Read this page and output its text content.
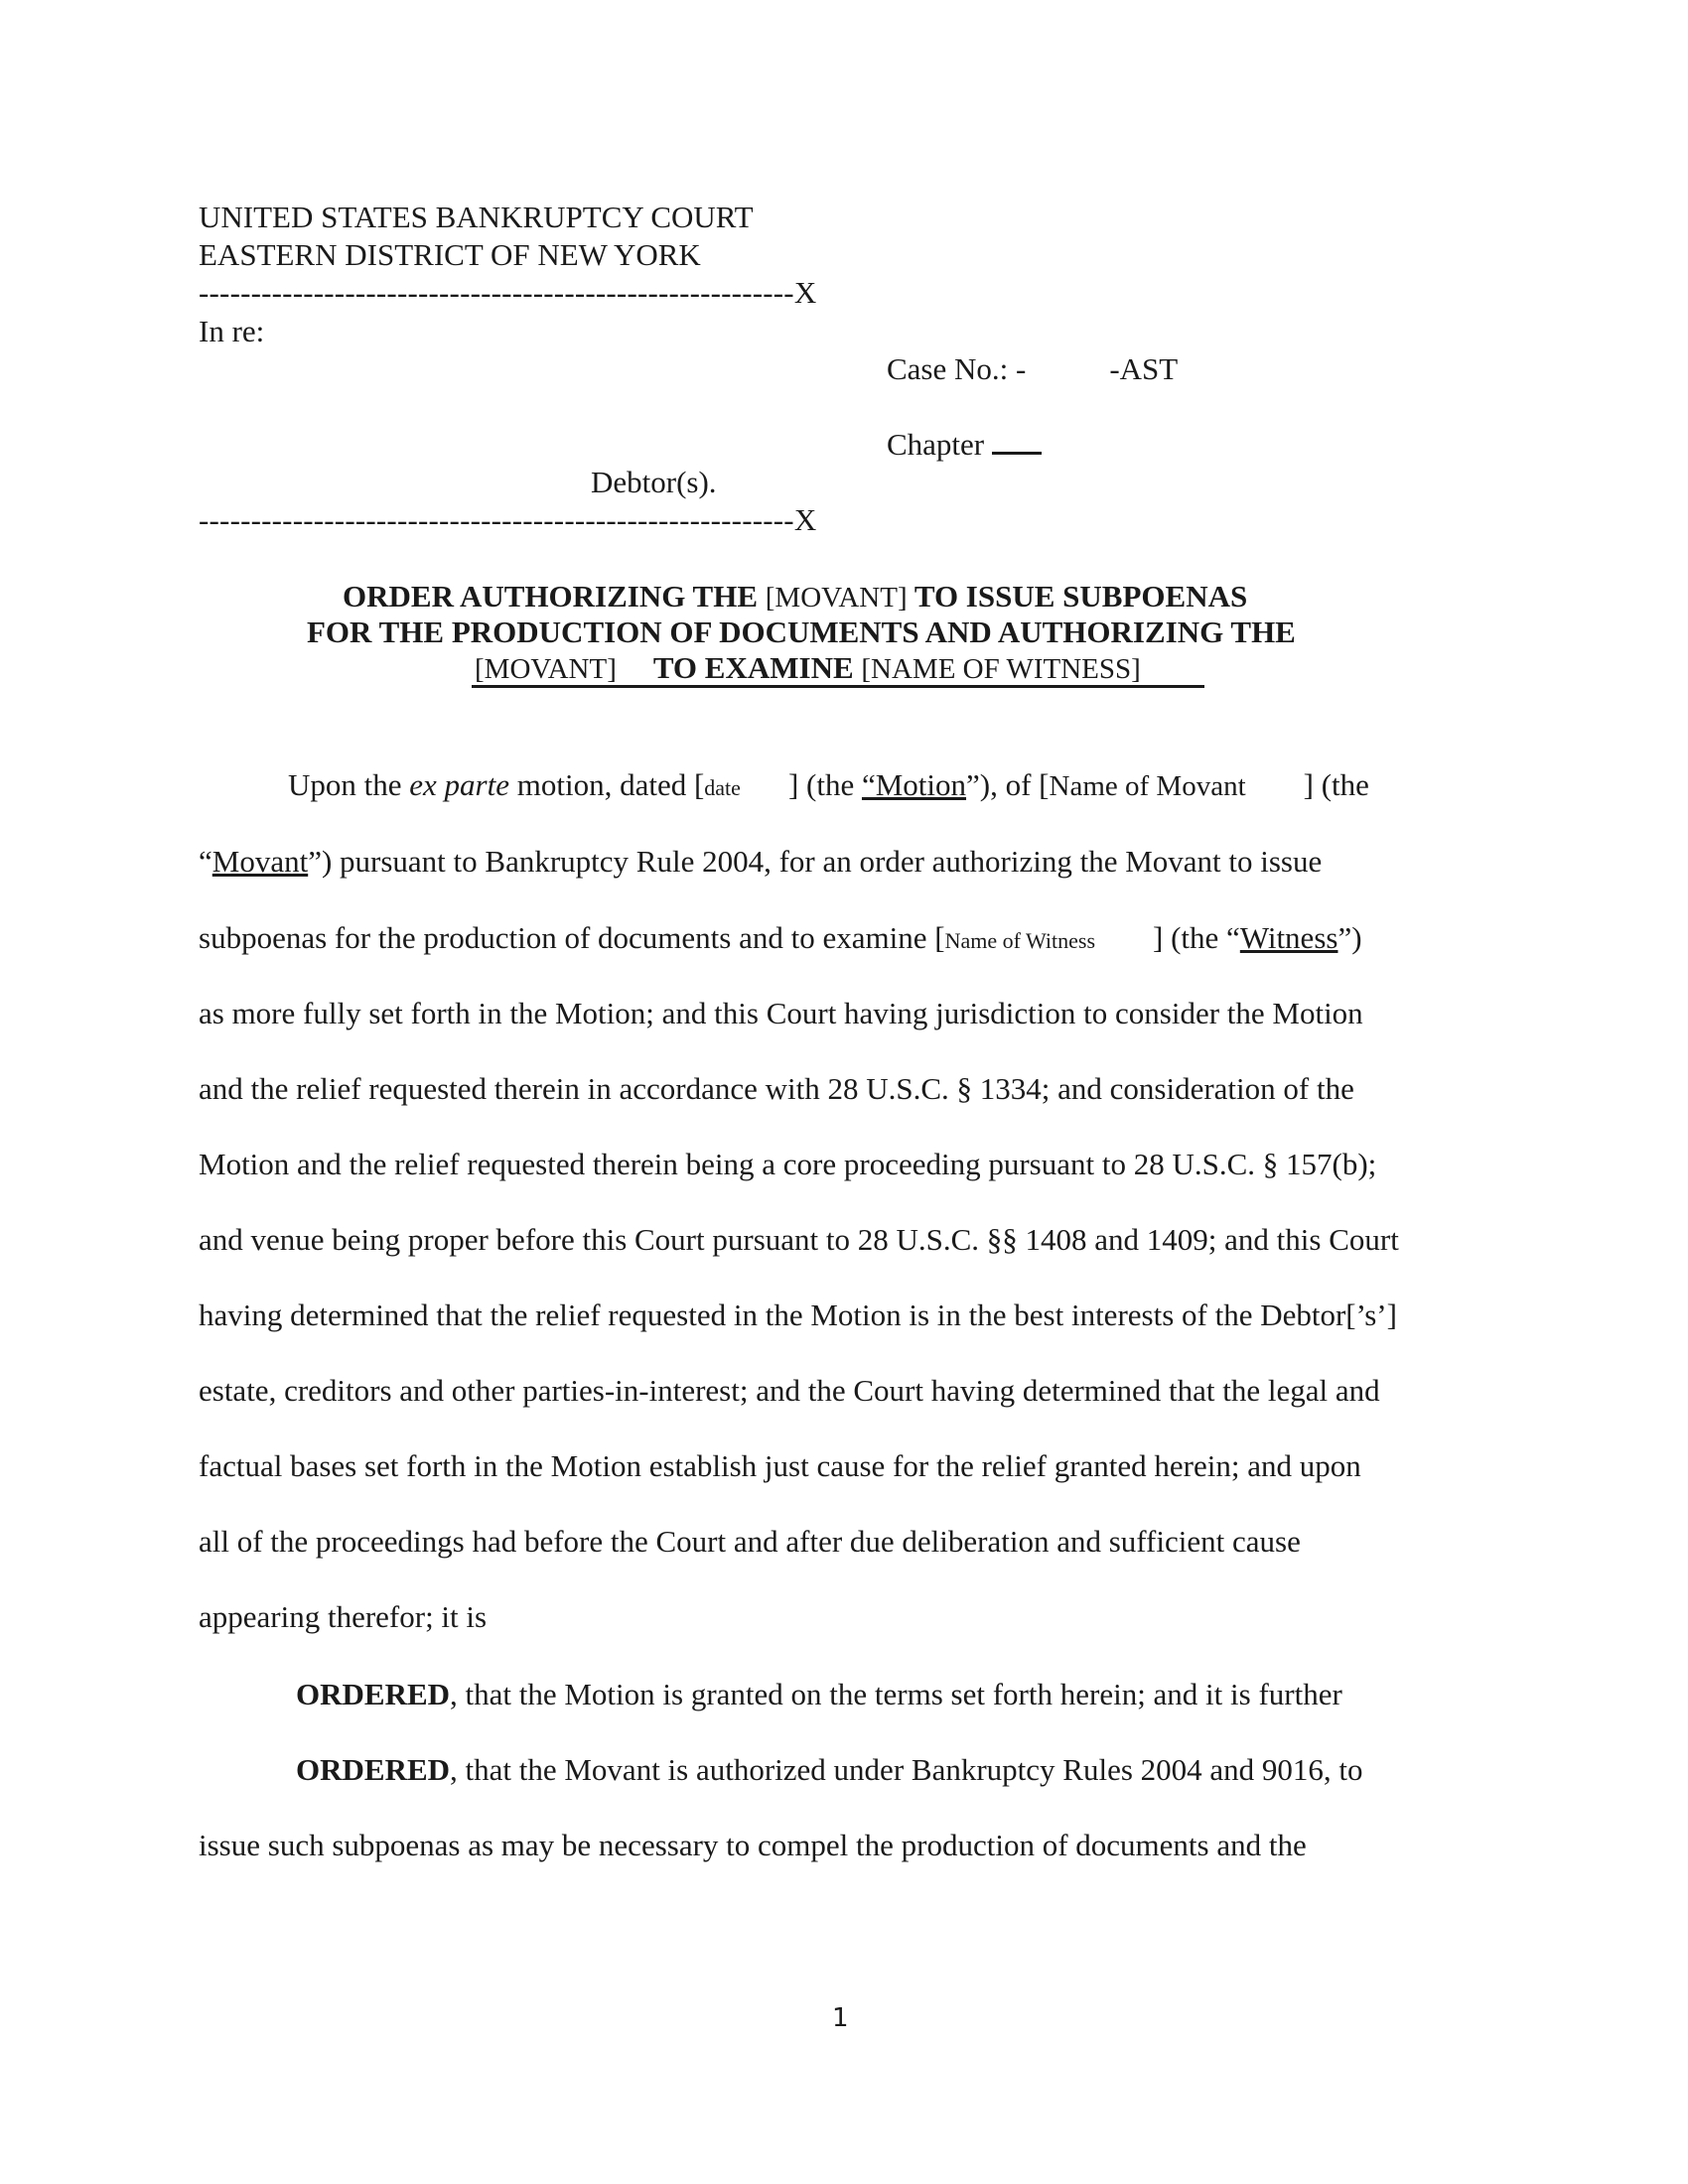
UNITED STATES BANKRUPTCY COURT
EASTERN DISTRICT OF NEW YORK
---------------------------------------------------------X
In re:
Case No.: -	-AST
Chapter
Debtor(s).
---------------------------------------------------------X
ORDER AUTHORIZING THE [MOVANT] TO ISSUE SUBPOENAS
FOR THE PRODUCTION OF DOCUMENTS AND AUTHORIZING THE
[MOVANT] TO EXAMINE [NAME OF WITNESS]
Upon the ex parte motion, dated [date ] (the “Motion”), of [Name of Movant ] (the
“Movant”) pursuant to Bankruptcy Rule 2004, for an order authorizing the Movant to issue
subpoenas for the production of documents and to examine [Name of Witness ] (the “Witness”)
as more fully set forth in the Motion; and this Court having jurisdiction to consider the Motion
and the relief requested therein in accordance with 28 U.S.C. § 1334; and consideration of the
Motion and the relief requested therein being a core proceeding pursuant to 28 U.S.C. § 157(b);
and venue being proper before this Court pursuant to 28 U.S.C. §§ 1408 and 1409; and this Court
having determined that the relief requested in the Motion is in the best interests of the Debtor[’s’]
estate, creditors and other parties-in-interest; and the Court having determined that the legal and
factual bases set forth in the Motion establish just cause for the relief granted herein; and upon
all of the proceedings had before the Court and after due deliberation and sufficient cause
appearing therefor; it is
ORDERED, that the Motion is granted on the terms set forth herein; and it is further
ORDERED, that the Movant is authorized under Bankruptcy Rules 2004 and 9016, to
issue such subpoenas as may be necessary to compel the production of documents and the
1
